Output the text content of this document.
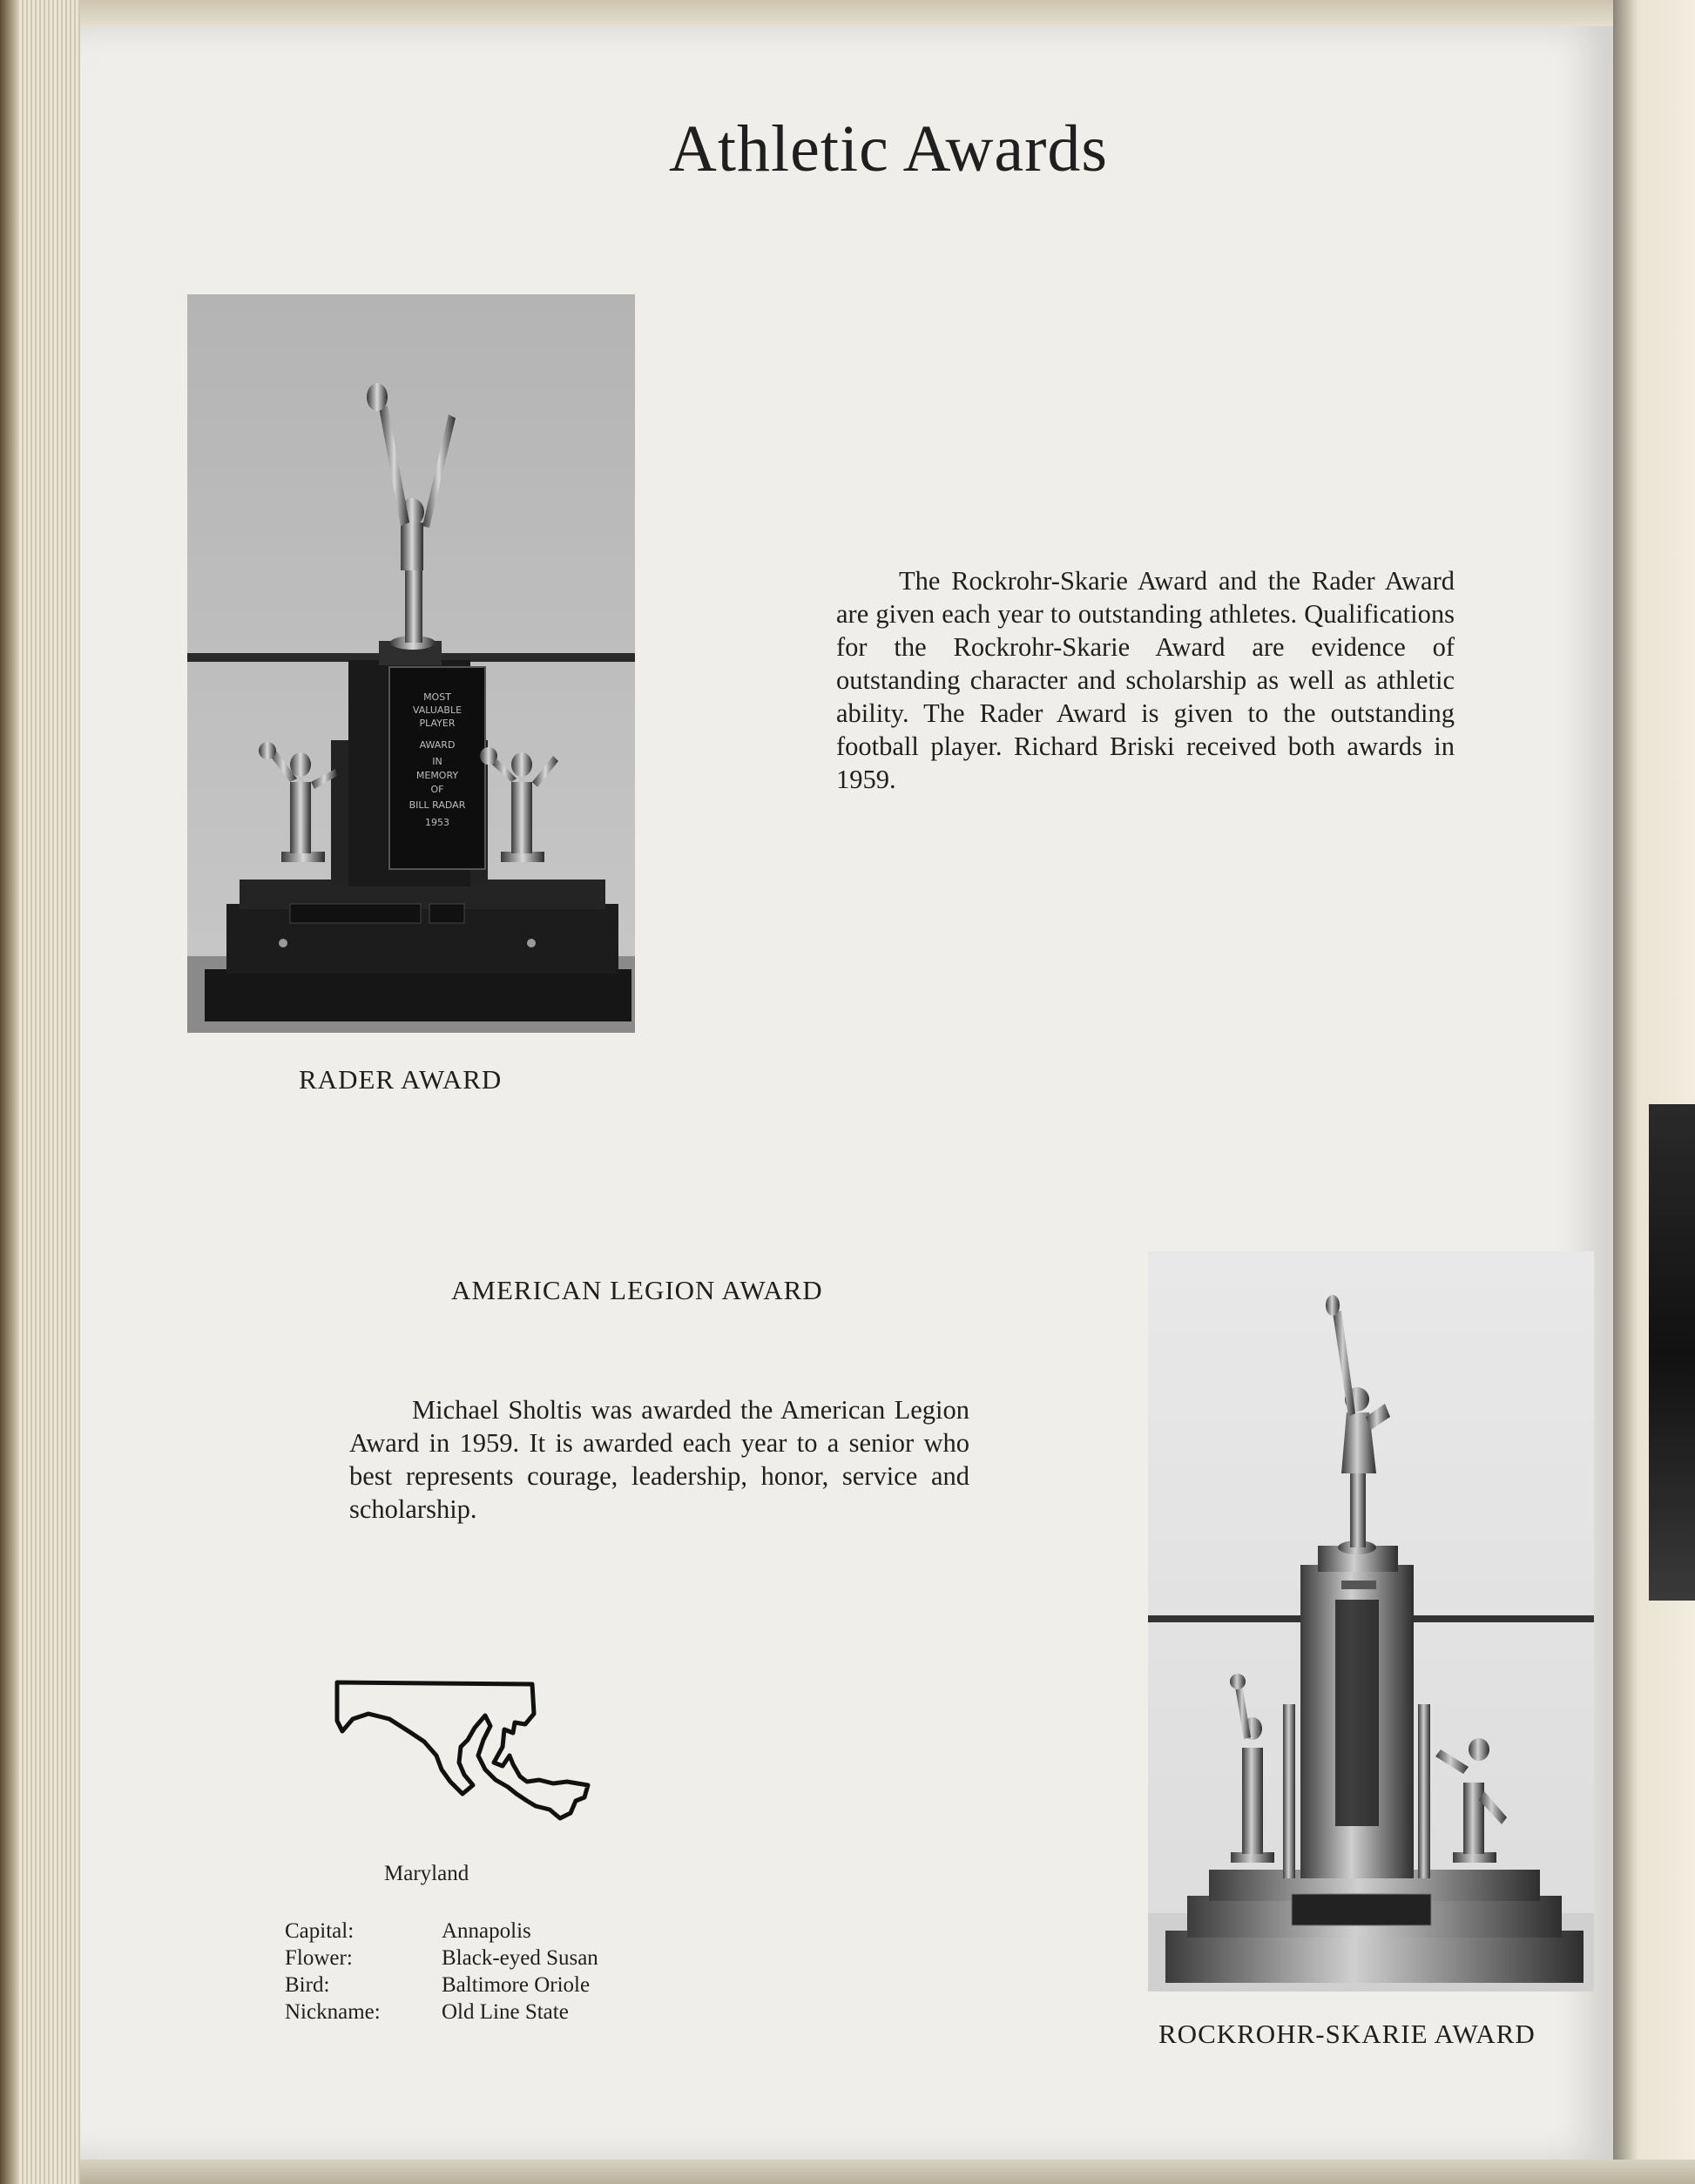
Athletic Awards
MOST
VALUABLE
PLAYER
AWARD
IN
MEMORY
OF
BILL RADAR
1953

RADER AWARD

The Rockrohr-Skarie Award and the Rader Award are given each year to outstanding athletes. Qualifications for the Rockrohr-Skarie Award are evidence of outstanding character and scholarship as well as athletic ability. The Rader Award is given to the outstanding football player. Richard Briski received both awards in 1959.

AMERICAN LEGION AWARD

Michael Sholtis was awarded the American Legion Award in 1959. It is awarded each year to a senior who best represents courage, leadership, honor, service and scholarship.

Maryland
Capital:	Annapolis
Flower:	Black-eyed Susan
Bird:	Baltimore Oriole
Nickname:	Old Line State

ROCKROHR-SKARIE AWARD
